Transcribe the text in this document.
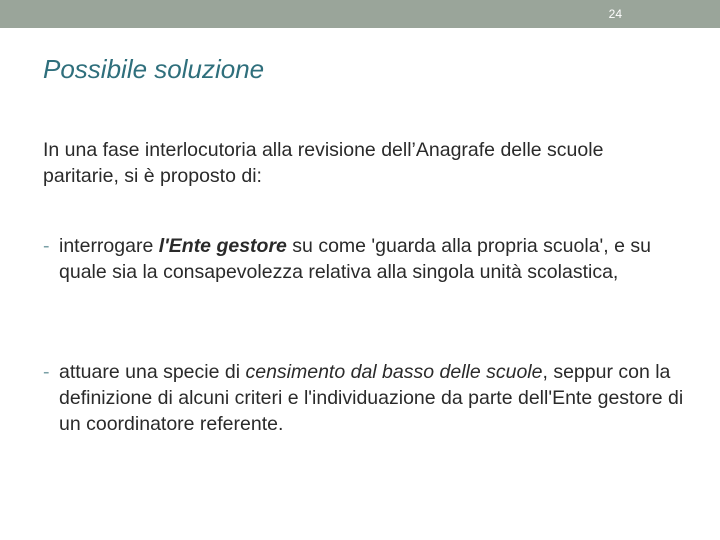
24
Possibile soluzione

In una fase interlocutoria alla revisione dell’Anagrafe delle scuole paritarie, si è proposto di:

- interrogare l'Ente gestore su come 'guarda alla propria scuola', e su quale sia la consapevolezza relativa alla singola unità scolastica,
- attuare una specie di censimento dal basso delle scuole, seppur con la definizione di alcuni criteri e l'individuazione da parte dell'Ente gestore di un coordinatore referente.
